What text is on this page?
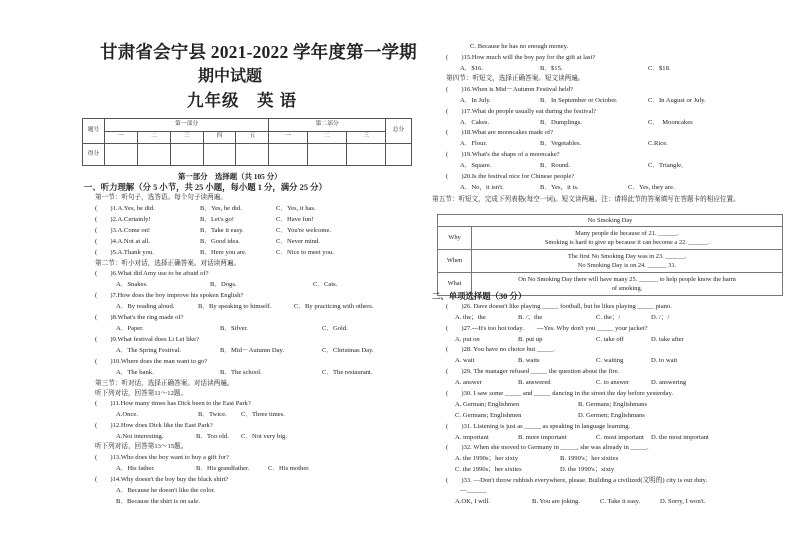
甘肃省会宁县 2021-2022 学年度第一学期
期中试题
九年级　英 语
题号	第一部分					第二部分			总分
	一	二	三	四	五	一	二	三	
得分									
第一部分　选择题（共 105 分）
一、听力理解（分 5 小节，共 25 小题，每小题 1 分，满分 25 分）
第一节：听句子，选答语。每个句子读两遍。
(　　)1.A.Yes, he did.	B．Yes, he did.	C．Yes, it has.
(　　)2.A.Certainly!	B．Let's go!	C．Have fun!
(　　)3.A.Come on!	B．Take it easy.	C．You're welcome.
(　　)4.A.Not at all.	B．Good idea.	C．Never mind.
(　　)5.A.Thank you.	B．Here you are.	C．Nice to meet you.
第二节：听小对话，选择正确答案。对话读两遍。
(　　)6.What did Amy use to be afraid of?
A．Snakes.	B．Dogs.	C．Cats.
(　　)7.How does the boy improve his spoken English?
A．By reading aloud.	B．By speaking to himself.	C．By practicing with others.
(　　)8.What's the ring made of?
A．Paper.	B．Silver.	C．Gold.
(　　)9.What festival does Li Lei like?
A．The Spring Festival.	B．Mid－Autumn Day.	C．Christmas Day.
(　　)10.Where does the man want to go?
A．The bank.	B．The school.	C．The restaurant.
第三节：听对话，选择正确答案。对话读两遍。
听下列对话，回答第11～12题。
(　　)11.How many times has Dick been to the East Park?
A.Once.	B．Twice. C．Three times.
(　　)12.How does Dick like the East Park?
A.Not interesting.	B．Too old. C．Not very big.
听下列对话，回答第13～15题。
(　　)13.Who does the boy want to buy a gift for?
A．His father.	B．His grandfather.	C．His mother.
(　　)14.Why doesn't the boy buy the black shirt?
A．Because he doesn't like the color.
B．Because the shirt is on sale.
C. Because he has no enough money.
(　　)15.How much will the boy pay for the gift at last?
A．$16.	B．$15.	C．$18.
第四节：听短文，选择正确答案。短文读两遍。
(　　)16.When is Mid－Autumn Festival held?
A．In July.	B．In September or October.	C．In August or July.
(　　)17.What do people usually eat during the festival?
A．Cakes.	B．Dumplings.	C．　Mooncakes
(　　)18.What are mooncakes made of?
A．Flour.	B．Vegetables.	C.Rice.
(　　)19.What's the shape of a mooncake?
A．Square.	B．Round.	C．Triangle．
(　　)20.Is the festival nice for Chinese people?
A．No，it isn't.	B．Yes，it is.	C．Yes, they are.
第五节：听短文，完成下列表格(每空一词)。短文读两遍。注：请将此节的答案填写在答题卡的相应位置。
No Smoking Day	
Why	Many people die because of 21. ______.
Smoking is hard to give up because it can become a 22. ______.

When	The first No Smoking Day was in 23. ______.
No Smoking Day is on 24. ______ 31.

What	On No Smoking Day there will have many 25. ______ to help people know the harm
of smoking.
二、单项选择题（30 分）
(　　)26. Dave doesn't like playing _____ football, but he likes playing _____ piano.
A. the；the	B. /；the	C. the；/	D. /；/
(　　)27.---It's too hot today.　　---Yes. Why don't you _____ your jacket?
A. put on	B. put up	C. take off	D. take after
(　　)28. You have no choice but _____.
A. wait	B. waits	C. waiting	D. to wait
(　　)29. The manager refused _____ the question about the fire.
A. answer	B. answered	C. to answer	D. answering
(　　)30. I saw some _____ and _____ dancing in the street the day before yesterday.
A. German; Englishmen	B. Germans; Englishmans
C. Germans; Englishmen	D. Germen; Englishmans
(　　)31. Listening is just as _____ as speaking in language learning.
A. important	B. more important	C. most important D. the most important
(　　)32. When she moved to Germany in _____, she was already in _____.
A. the 1990s；her sixty	B. 1990's；her sixties
C. the 1990s；her sixties	D. the 1990's；sixty
(　　)33. —Don't throw rubbish everywhere, please. Building a civilized(文明的) city is our duty.
—______
A.OK, I will.	B. You are joking.	C. Take it easy.	D. Sorry, I won't.
